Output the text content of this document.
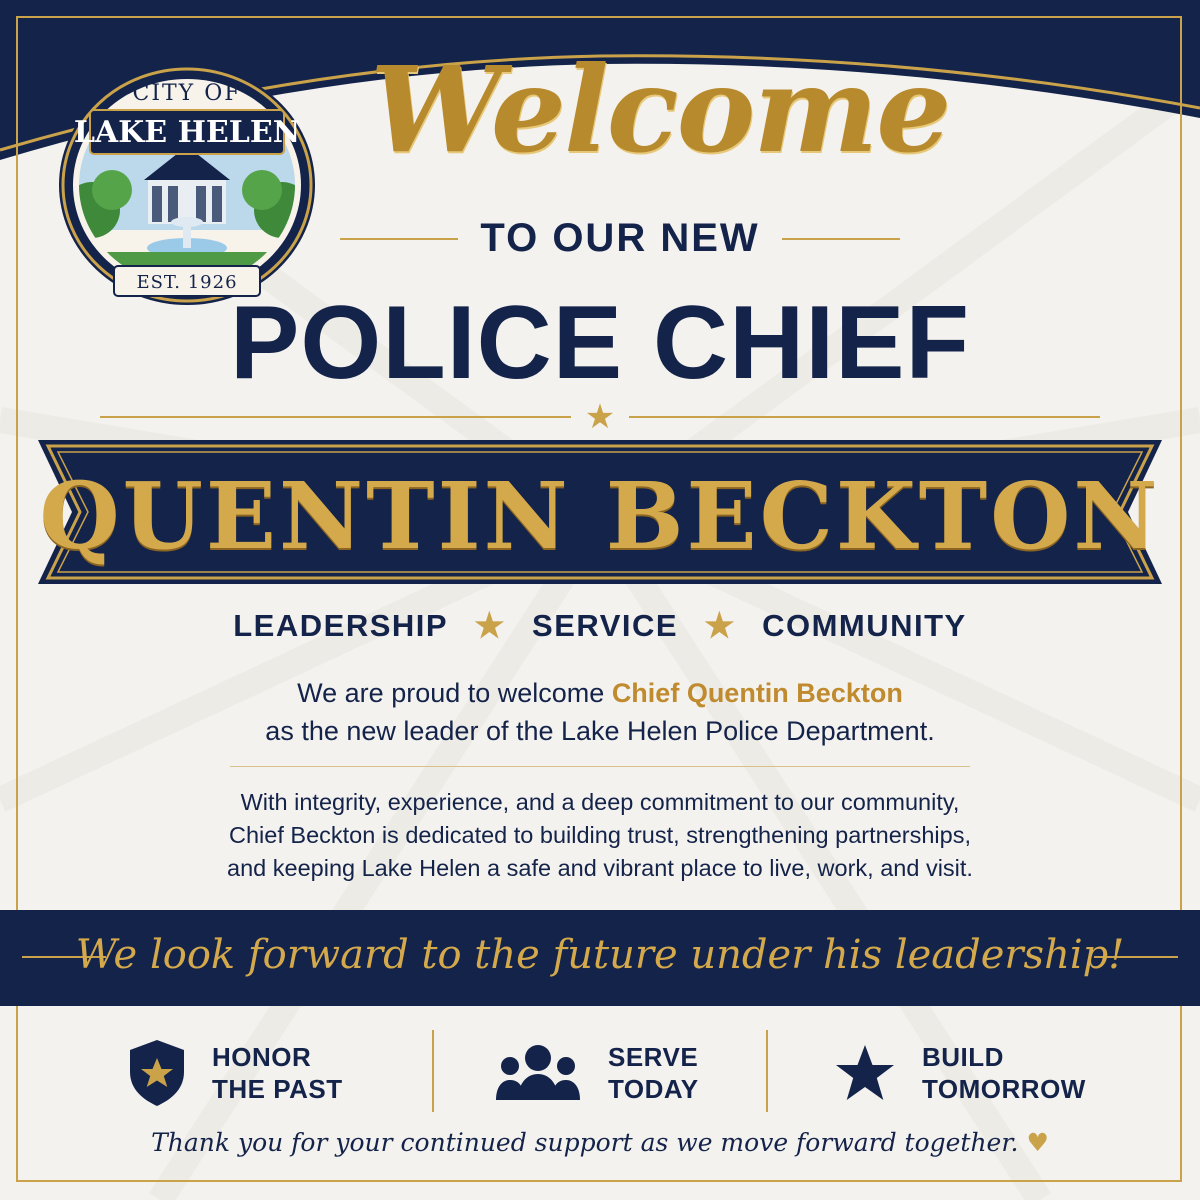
CITY OF
LAKE HELEN
EST. 1926
Welcome
TO OUR NEW
POLICE CHIEF
★
QUENTIN BECKTON
LEADERSHIP ★ SERVICE ★ COMMUNITY
We are proud to welcome Chief Quentin Beckton
as the new leader of the Lake Helen Police Department.
With integrity, experience, and a deep commitment to our community,
Chief Beckton is dedicated to building trust, strengthening partnerships,
and keeping Lake Helen a safe and vibrant place to live, work, and visit.
We look forward to the future under his leadership!
HONOR
THE PAST
SERVE
TODAY
BUILD
TOMORROW
Thank you for your continued support as we move forward together. ♥
